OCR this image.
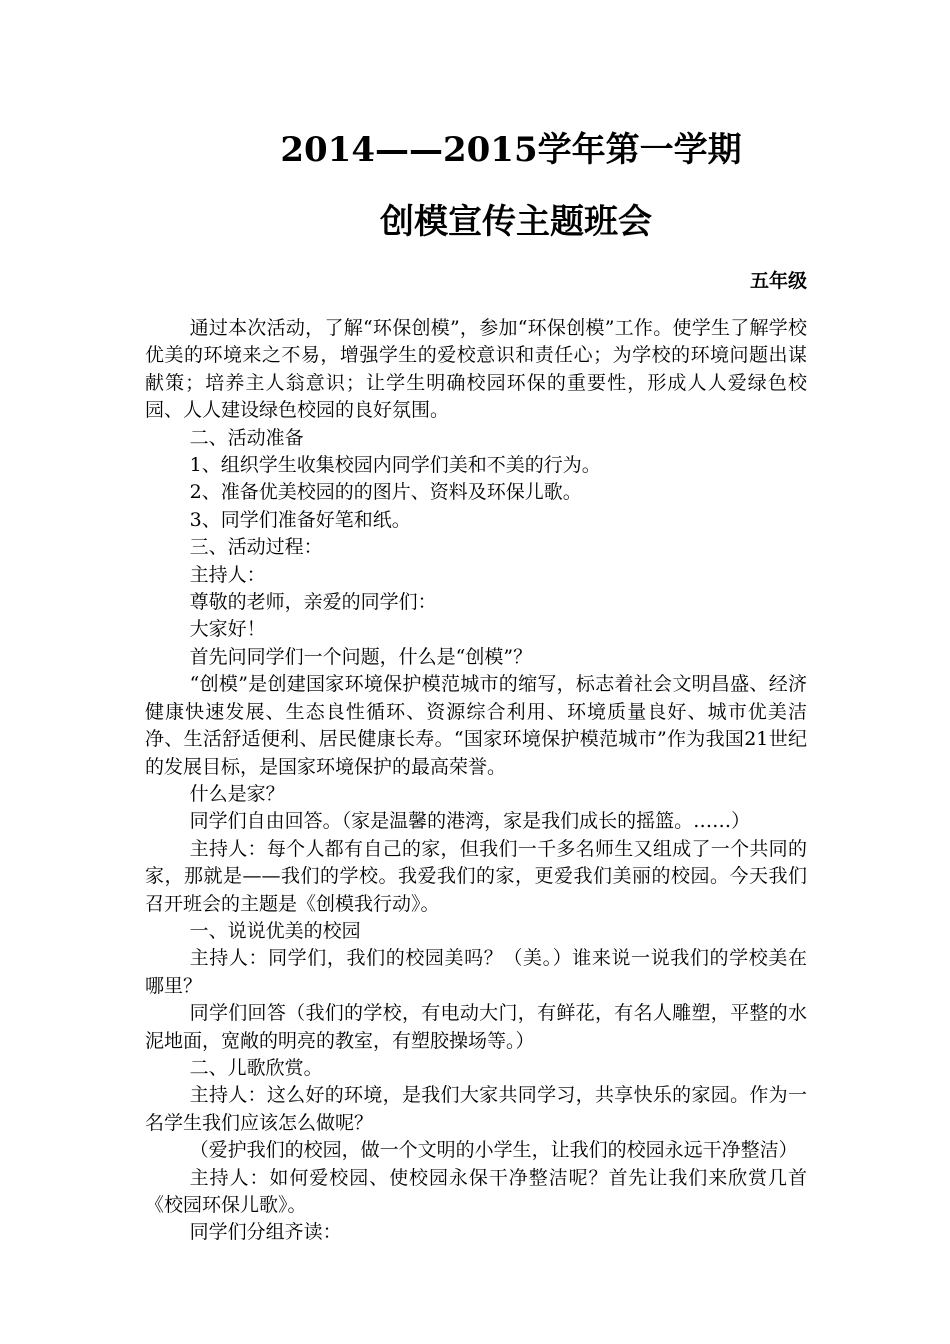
2014——2015学年第一学期
创模宣传主题班会
五年级

通过本次活动，了解“环保创模”，参加“环保创模”工作。使学生了解学校优美的环境来之不易，增强学生的爱校意识和责任心；为学校的环境问题出谋献策；培养主人翁意识；让学生明确校园环保的重要性，形成人人爱绿色校园、人人建设绿色校园的良好氛围。

二、活动准备

1、组织学生收集校园内同学们美和不美的行为。

2、准备优美校园的的图片、资料及环保儿歌。

3、同学们准备好笔和纸。

三、活动过程：

主持人：

尊敬的老师，亲爱的同学们：

大家好！

首先问同学们一个问题，什么是“创模”？

“创模”是创建国家环境保护模范城市的缩写，标志着社会文明昌盛、经济健康快速发展、生态良性循环、资源综合利用、环境质量良好、城市优美洁净、生活舒适便利、居民健康长寿。“国家环境保护模范城市”作为我国21世纪的发展目标，是国家环境保护的最高荣誉。

什么是家？

同学们自由回答。（家是温馨的港湾，家是我们成长的摇篮。……）

主持人：每个人都有自己的家，但我们一千多名师生又组成了一个共同的家，那就是——我们的学校。我爱我们的家，更爱我们美丽的校园。今天我们召开班会的主题是《创模我行动》。

一、说说优美的校园

主持人：同学们，我们的校园美吗？（美。）谁来说一说我们的学校美在哪里？

同学们回答（我们的学校，有电动大门，有鲜花，有名人雕塑，平整的水泥地面，宽敞的明亮的教室，有塑胶操场等。）

二、儿歌欣赏。

主持人：这么好的环境，是我们大家共同学习，共享快乐的家园。作为一名学生我们应该怎么做呢？

（爱护我们的校园，做一个文明的小学生，让我们的校园永远干净整洁）

主持人：如何爱校园、使校园永保干净整洁呢？首先让我们来欣赏几首《校园环保儿歌》。

同学们分组齐读：
